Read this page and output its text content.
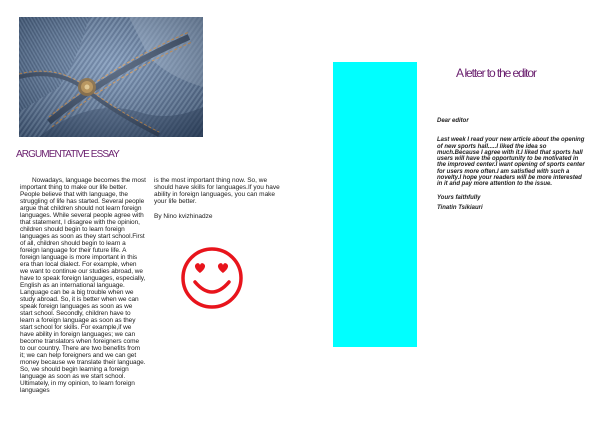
ARGUMENTATIVE ESSAY

Nowadays, language becomes the most important thing to make our life better. People believe that with language, the struggling of life has started. Several people argue that children should not learn foreign languages. While several people agree with that statement, I disagree with the opinion, children should begin to learn foreign languages as soon as they start school.First of all, children should begin to learn a foreign language for their future life. A foreign language is more important in this era than local dialect. For example, when we want to continue our studies abroad, we have to speak foreign languages, especially, English as an international language. Language can be a big trouble when we study abroad. So, it is better when we can speak foreign languages as soon as we start school. Secondly, children have to learn a foreign language as soon as they start school for skills. For example,if we have ability in foreign languages; we can become translators when foreigners come to our country. There are two benefits from it; we can help foreigners and we can get money because we translate their language. So, we should begin learning a foreign language as soon as we start school. Ultimately, in my opinion, to learn foreign languages

is the most important thing now. So, we should have skills for languages.If you have ability in foreign languages, you can make your life better.

By Nino kvizhinadze

A letter to the editor

Dear editor

Last week I read your new article about the opening of new sports hall.....I liked the idea so much.Because I agree with it.I liked that sports hall users will have the opportunity to be motivated in the improved center.I want opening of sports center for users more often.I am satisfied with such a novelty.I hope your readers will be more interested in it and pay more attention to the issue.

Yours faithfully

Tinatin Tsikiauri
